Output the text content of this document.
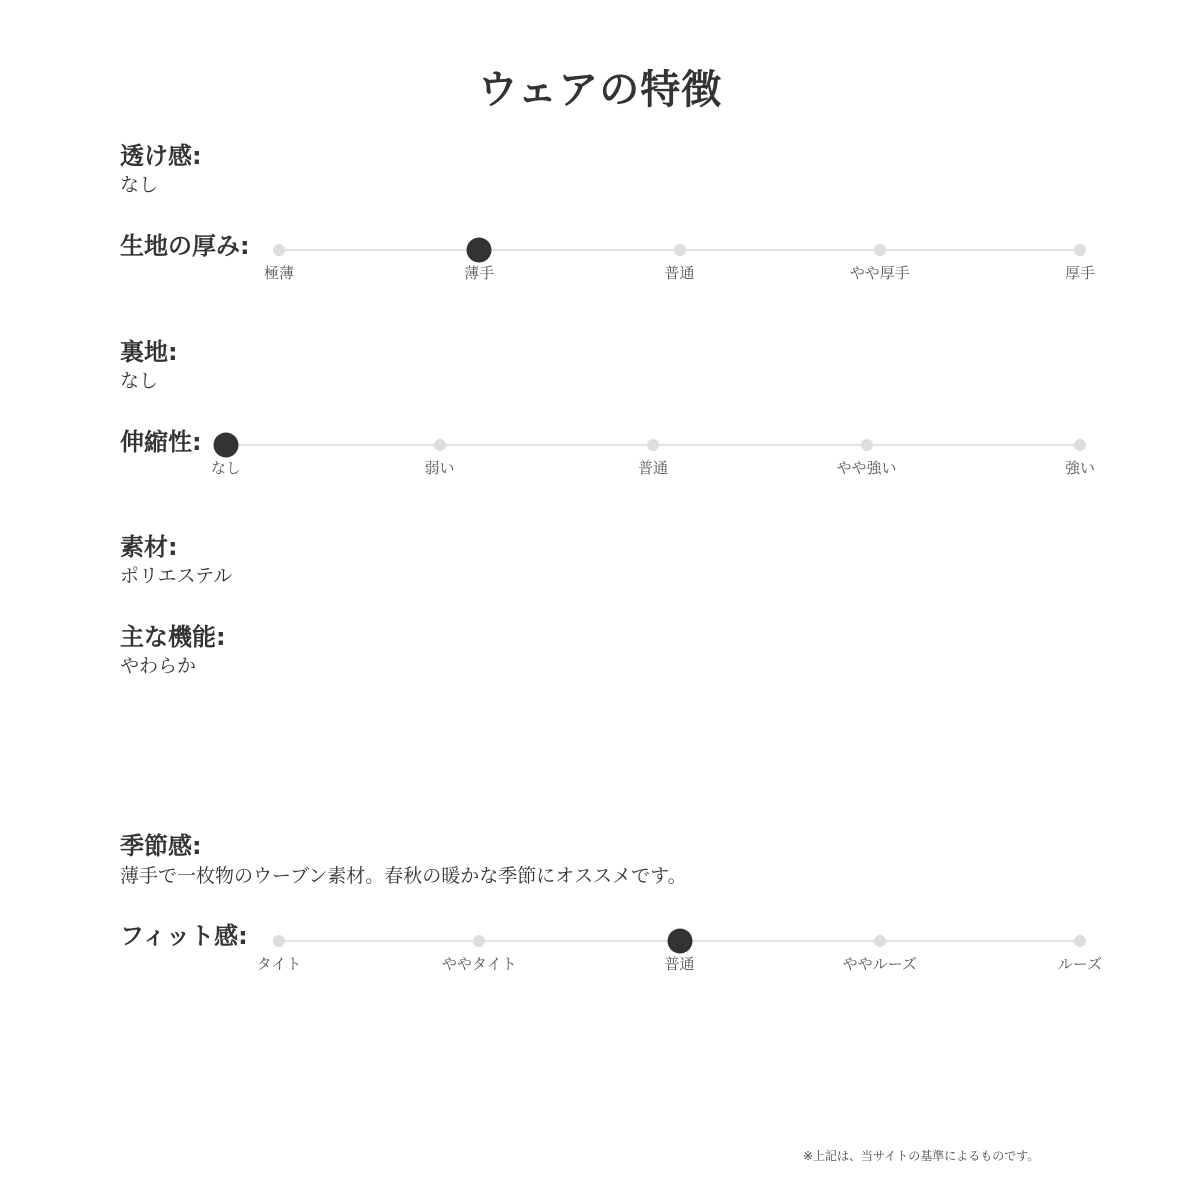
ウェアの特徴
透け感:
なし
生地の厚み:
極薄	薄手	普通	やや厚手	厚手
裏地:
なし
伸縮性:
なし	弱い	普通	やや強い	強い
素材:
ポリエステル
主な機能:
やわらか
季節感:
薄手で一枚物のウーブン素材。春秋の暖かな季節にオススメです。
フィット感:
タイト	ややタイト	普通	ややルーズ	ルーズ
※上記は、当サイトの基準によるものです。
